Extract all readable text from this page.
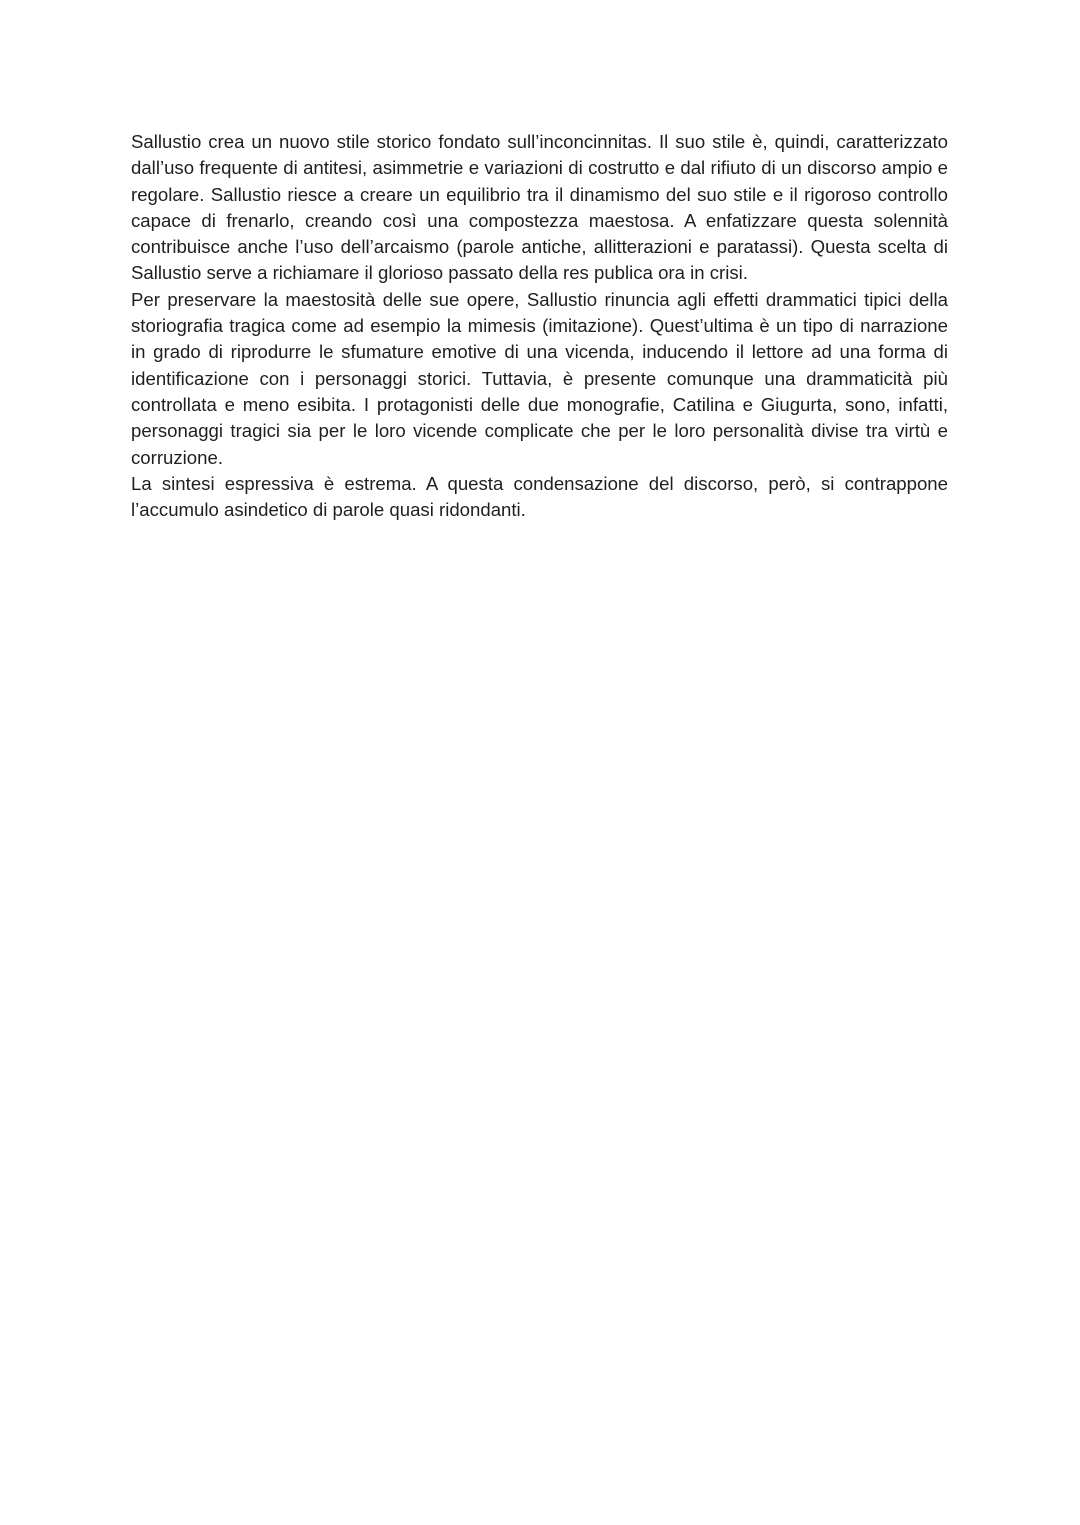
Sallustio crea un nuovo stile storico fondato sull’inconcinnitas. Il suo stile è, quindi, caratterizzato dall’uso frequente di antitesi, asimmetrie e variazioni di costrutto e dal rifiuto di un discorso ampio e regolare. Sallustio riesce a creare un equilibrio tra il dinamismo del suo stile e il rigoroso controllo capace di frenarlo, creando così una compostezza maestosa. A enfatizzare questa solennità contribuisce anche l’uso dell’arcaismo (parole antiche, allitterazioni e paratassi). Questa scelta di Sallustio serve a richiamare il glorioso passato della res publica ora in crisi.

Per preservare la maestosità delle sue opere, Sallustio rinuncia agli effetti drammatici tipici della storiografia tragica come ad esempio la mimesis (imitazione). Quest’ultima è un tipo di narrazione in grado di riprodurre le sfumature emotive di una vicenda, inducendo il lettore ad una forma di identificazione con i personaggi storici. Tuttavia, è presente comunque una drammaticità più controllata e meno esibita. I protagonisti delle due monografie, Catilina e Giugurta, sono, infatti, personaggi tragici sia per le loro vicende complicate che per le loro personalità divise tra virtù e corruzione.

La sintesi espressiva è estrema. A questa condensazione del discorso, però, si contrappone l’accumulo asindetico di parole quasi ridondanti.
